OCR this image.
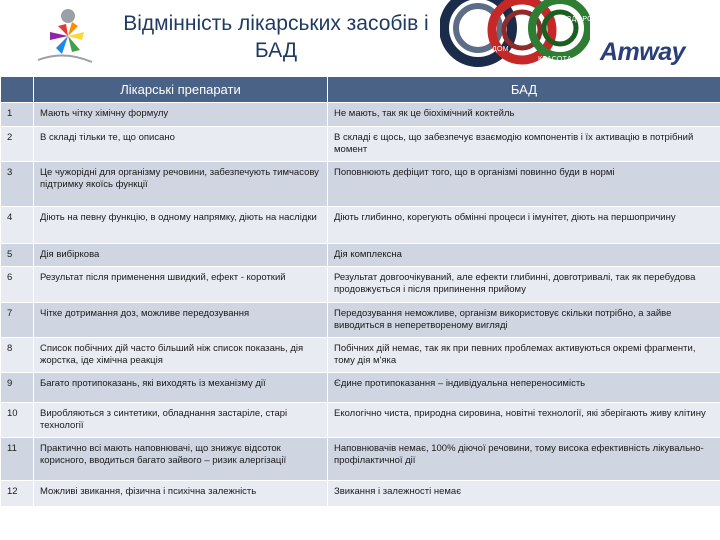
Відмінність лікарських засобів і
БАД
ЗДОРОВЬЕ
ДОМ
КРАСОТА Amway
	Лікарські препарати	БАД
1	Мають чітку хімічну формулу	Не мають, так як це біохімічний коктейль
2	В складі тільки те, що описано	В складі є щось, що забезпечує взаємодію компонентів і їх активацію в потрібний момент
3	Це чужорідні для організму речовини, забезпечують тимчасову підтримку якоїсь функції	Поповнюють дефіцит того, що в організмі повинно буди в нормі
4	Діють на певну функцію, в одному напрямку, діють на наслідки	Діють глибинно, корегують обмінні процеси і імунітет, діють на першопричину
5	Дія вибіркова	Дія комплексна
6	Результат після применення швидкий, ефект - короткий	Результат довгоочікуваний, але ефекти глибинні, довготривалі, так як перебудова продовжується і після припинення прийому
7	Чітке дотримання доз, можливе передозування	Передозування неможливе, організм використовує скільки потрібно, а зайве виводиться в неперетвореному вигляді
8	Список побічних дій часто більший ніж список показань, дія жорстка, іде хімічна реакція	Побічних дій немає, так як при певних проблемах активуються окремі фрагменти, тому дія м'яка
9	Багато протипоказань, які виходять із механізму дії	Єдине протипоказання – індивідуальна непереносимість
10	Виробляються з синтетики, обладнання застаріле, старі технології	Екологічно чиста, природна сировина, новітні технології, які зберігають живу клітину
11	Практично всі мають наповнювачі, що знижує відсоток корисного, вводиться багато зайвого – ризик алергізації	Наповнювачів немає, 100% діючої речовини, тому висока ефективність лікувально-профілактичної дії
12	Можливі звикання, фізична і психічна залежність	Звикання і залежності немає
